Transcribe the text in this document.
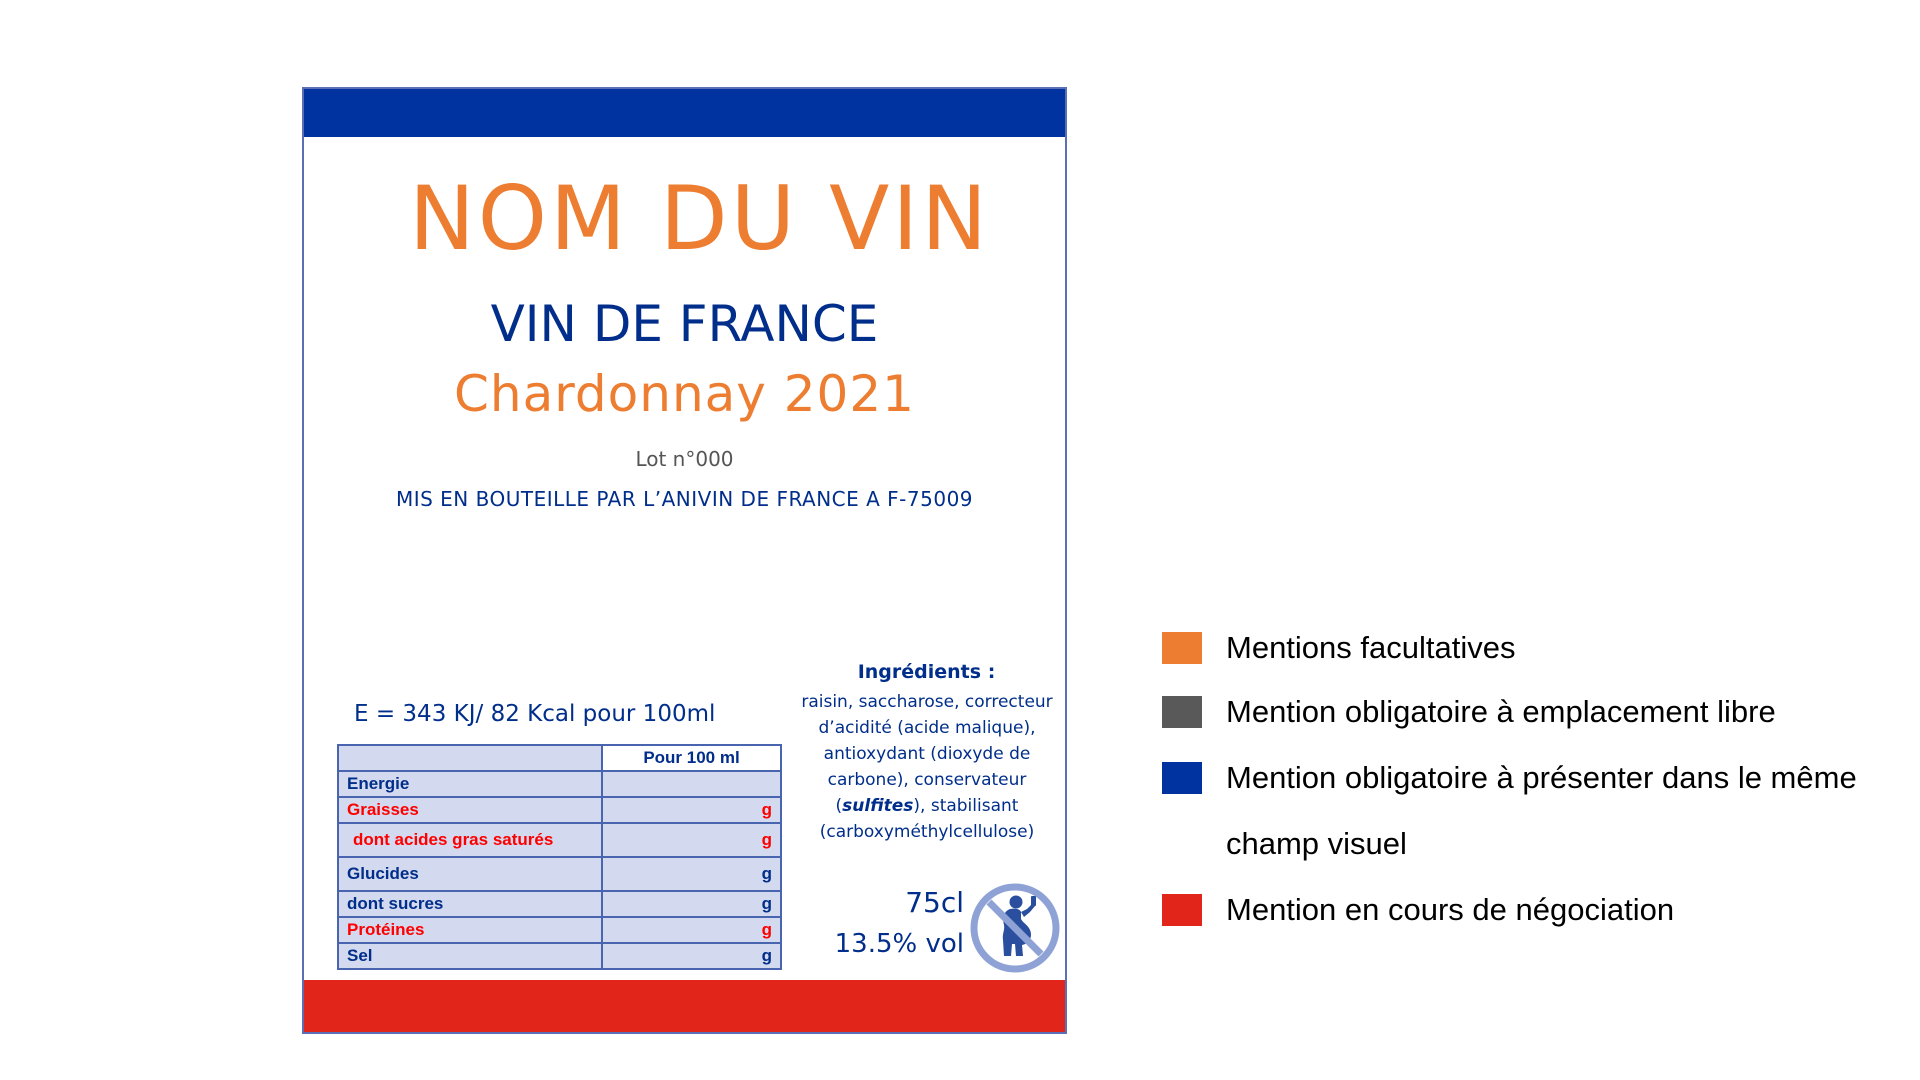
NOM DU VIN
VIN DE FRANCE
Chardonnay 2021
Lot n°000
MIS EN BOUTEILLE PAR L’ANIVIN DE FRANCE A F-75009
E = 343 KJ/ 82 Kcal pour 100ml
	Pour 100 ml
Energie	
Graisses	g
dont acides gras saturés	g
Glucides	g
dont sucres	g
Protéines	g
Sel	g
Ingrédients :
raisin, saccharose, correcteur d’acidité (acide malique), antioxydant (dioxyde de carbone), conservateur (sulfites), stabilisant (carboxyméthylcellulose)
75cl
13.5% vol
Mentions facultatives
Mention obligatoire à emplacement libre
Mention obligatoire à présenter dans le même
champ visuel
Mention en cours de négociation
